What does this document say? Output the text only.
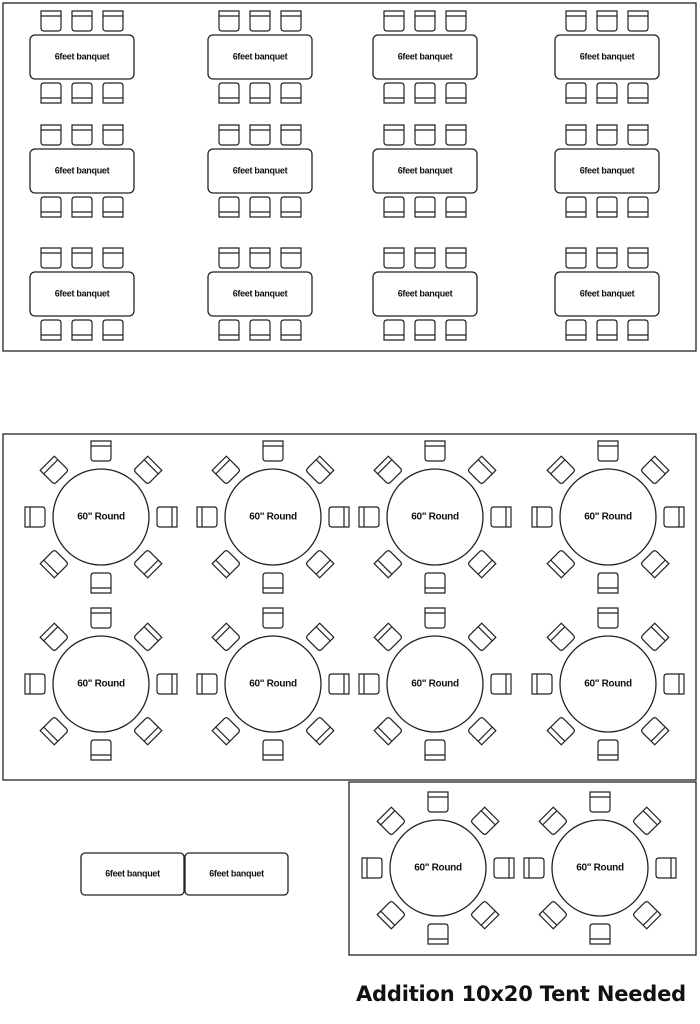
6feet banquet	6feet banquet	6feet banquet	6feet banquet
6feet banquet	6feet banquet	6feet banquet	6feet banquet
6feet banquet	6feet banquet	6feet banquet	6feet banquet
60" Round	60" Round	60" Round	60" Round
60" Round	60" Round	60" Round	60" Round
6feet banquet	6feet banquet	60" Round	60" Round
Addition 10x20 Tent Needed
